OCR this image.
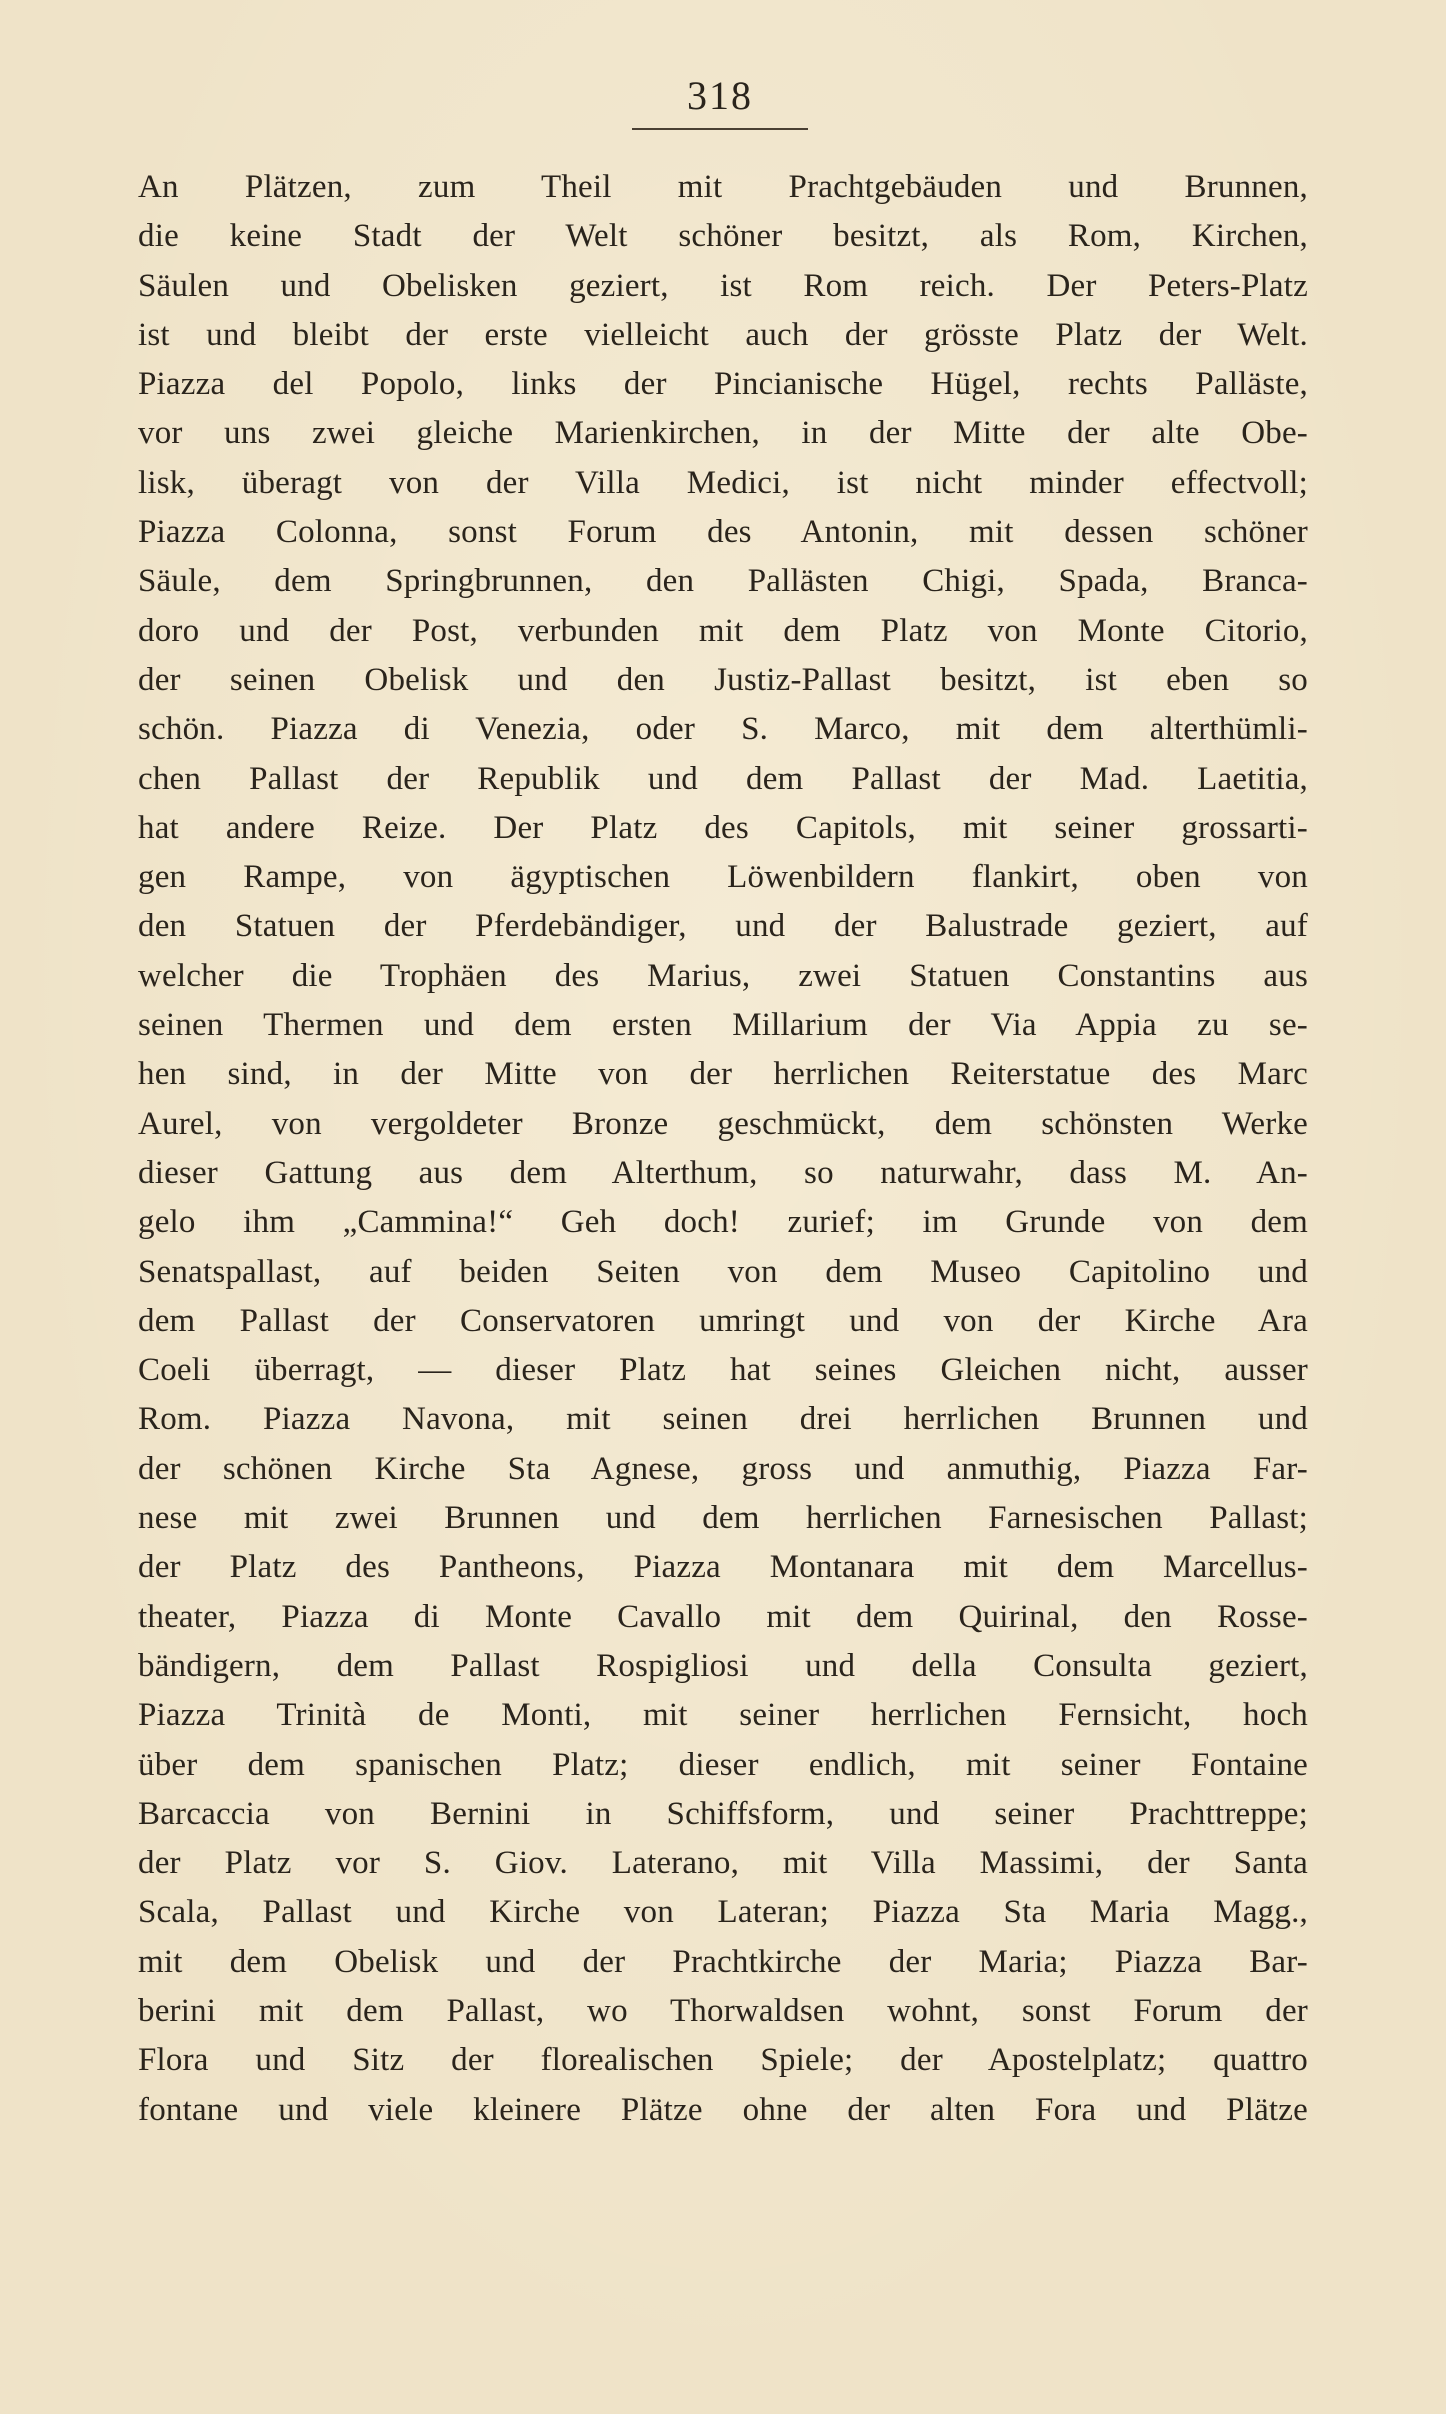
318
An Plätzen, zum Theil mit Prachtgebäuden und Brunnen,
die keine Stadt der Welt schöner besitzt, als Rom, Kirchen,
Säulen und Obelisken geziert, ist Rom reich. Der Peters-Platz
ist und bleibt der erste vielleicht auch der grösste Platz der Welt.
Piazza del Popolo, links der Pincianische Hügel, rechts Palläste,
vor uns zwei gleiche Marienkirchen, in der Mitte der alte Obe-
lisk, überagt von der Villa Medici, ist nicht minder effectvoll;
Piazza Colonna, sonst Forum des Antonin, mit dessen schöner
Säule, dem Springbrunnen, den Pallästen Chigi, Spada, Branca-
doro und der Post, verbunden mit dem Platz von Monte Citorio,
der seinen Obelisk und den Justiz-Pallast besitzt, ist eben so
schön. Piazza di Venezia, oder S. Marco, mit dem alterthümli-
chen Pallast der Republik und dem Pallast der Mad. Laetitia,
hat andere Reize. Der Platz des Capitols, mit seiner grossarti-
gen Rampe, von ägyptischen Löwenbildern flankirt, oben von
den Statuen der Pferdebändiger, und der Balustrade geziert, auf
welcher die Trophäen des Marius, zwei Statuen Constantins aus
seinen Thermen und dem ersten Millarium der Via Appia zu se-
hen sind, in der Mitte von der herrlichen Reiterstatue des Marc
Aurel, von vergoldeter Bronze geschmückt, dem schönsten Werke
dieser Gattung aus dem Alterthum, so naturwahr, dass M. An-
gelo ihm „Cammina!“ Geh doch! zurief; im Grunde von dem
Senatspallast, auf beiden Seiten von dem Museo Capitolino und
dem Pallast der Conservatoren umringt und von der Kirche Ara
Coeli überragt, — dieser Platz hat seines Gleichen nicht, ausser
Rom. Piazza Navona, mit seinen drei herrlichen Brunnen und
der schönen Kirche Sta Agnese, gross und anmuthig, Piazza Far-
nese mit zwei Brunnen und dem herrlichen Farnesischen Pallast;
der Platz des Pantheons, Piazza Montanara mit dem Marcellus-
theater, Piazza di Monte Cavallo mit dem Quirinal, den Rosse-
bändigern, dem Pallast Rospigliosi und della Consulta geziert,
Piazza Trinità de Monti, mit seiner herrlichen Fernsicht, hoch
über dem spanischen Platz; dieser endlich, mit seiner Fontaine
Barcaccia von Bernini in Schiffsform, und seiner Prachttreppe;
der Platz vor S. Giov. Laterano, mit Villa Massimi, der Santa
Scala, Pallast und Kirche von Lateran; Piazza Sta Maria Magg.,
mit dem Obelisk und der Prachtkirche der Maria; Piazza Bar-
berini mit dem Pallast, wo Thorwaldsen wohnt, sonst Forum der
Flora und Sitz der florealischen Spiele; der Apostelplatz; quattro
fontane und viele kleinere Plätze ohne der alten Fora und Plätze
